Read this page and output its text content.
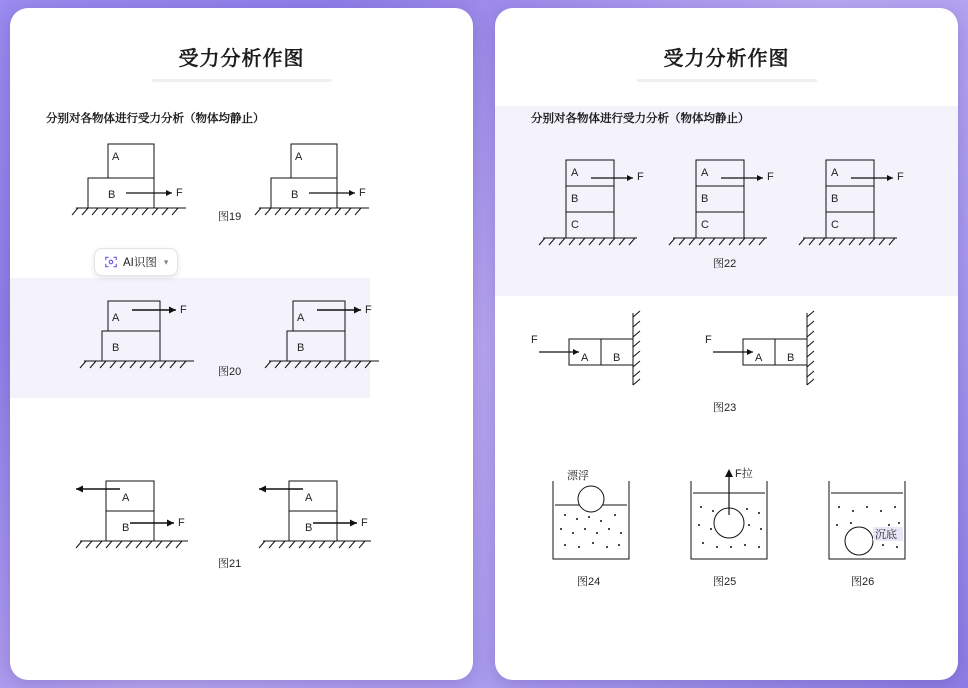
受力分析作图
分别对各物体进行受力分析（物体均静止）
A
B	F
图19
A
B	F
A
B
F
图20
A
B
F
A
B	F
图21
A
B	F
AI识图 ▾
受力分析作图
分别对各物体进行受力分析（物体均静止）
A
B
C
F	A
B
C
F	A
B
C
F
图22
F
A B
F
A B
图23
漂浮
图24
F拉
图25
沉底
图26
